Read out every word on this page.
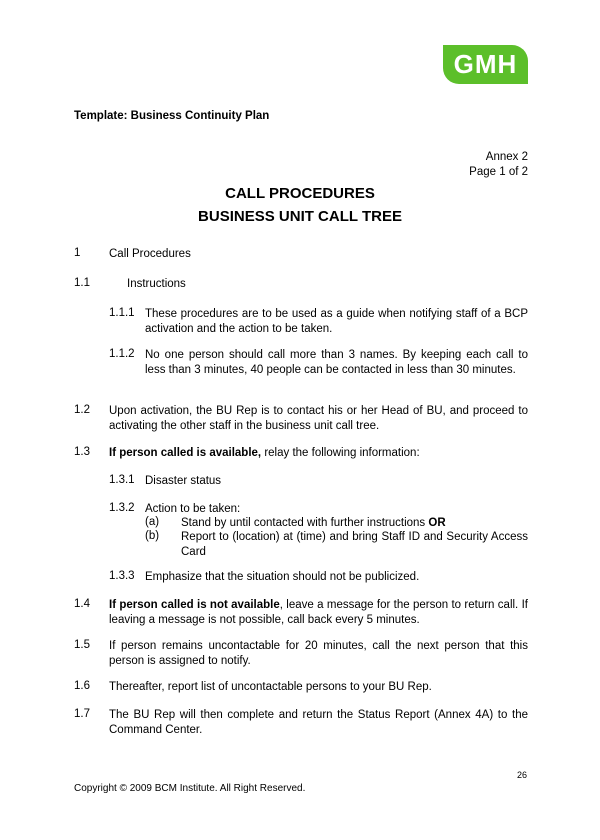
GMH
Template: Business Continuity Plan
Annex 2
Page 1 of 2
CALL PROCEDURES
BUSINESS UNIT CALL TREE
1 Call Procedures
1.1	Instructions
1.1.1 These procedures are to be used as a guide when notifying staff of a BCP activation and the action to be taken.
1.1.2 No one person should call more than 3 names. By keeping each call to less than 3 minutes, 40 people can be contacted in less than 30 minutes.
1.2 Upon activation, the BU Rep is to contact his or her Head of BU, and proceed to activating the other staff in the business unit call tree.
1.3 If person called is available, relay the following information:
1.3.1 Disaster status
1.3.2 Action to be taken:
(a) Stand by until contacted with further instructions OR
(b) Report to (location) at (time) and bring Staff ID and Security Access Card
1.3.3 Emphasize that the situation should not be publicized.
1.4 If person called is not available, leave a message for the person to return call. If leaving a message is not possible, call back every 5 minutes.
1.5 If person remains uncontactable for 20 minutes, call the next person that this person is assigned to notify.
1.6 Thereafter, report list of uncontactable persons to your BU Rep.
1.7 The BU Rep will then complete and return the Status Report (Annex 4A) to the Command Center.
26
Copyright © 2009 BCM Institute. All Right Reserved.
